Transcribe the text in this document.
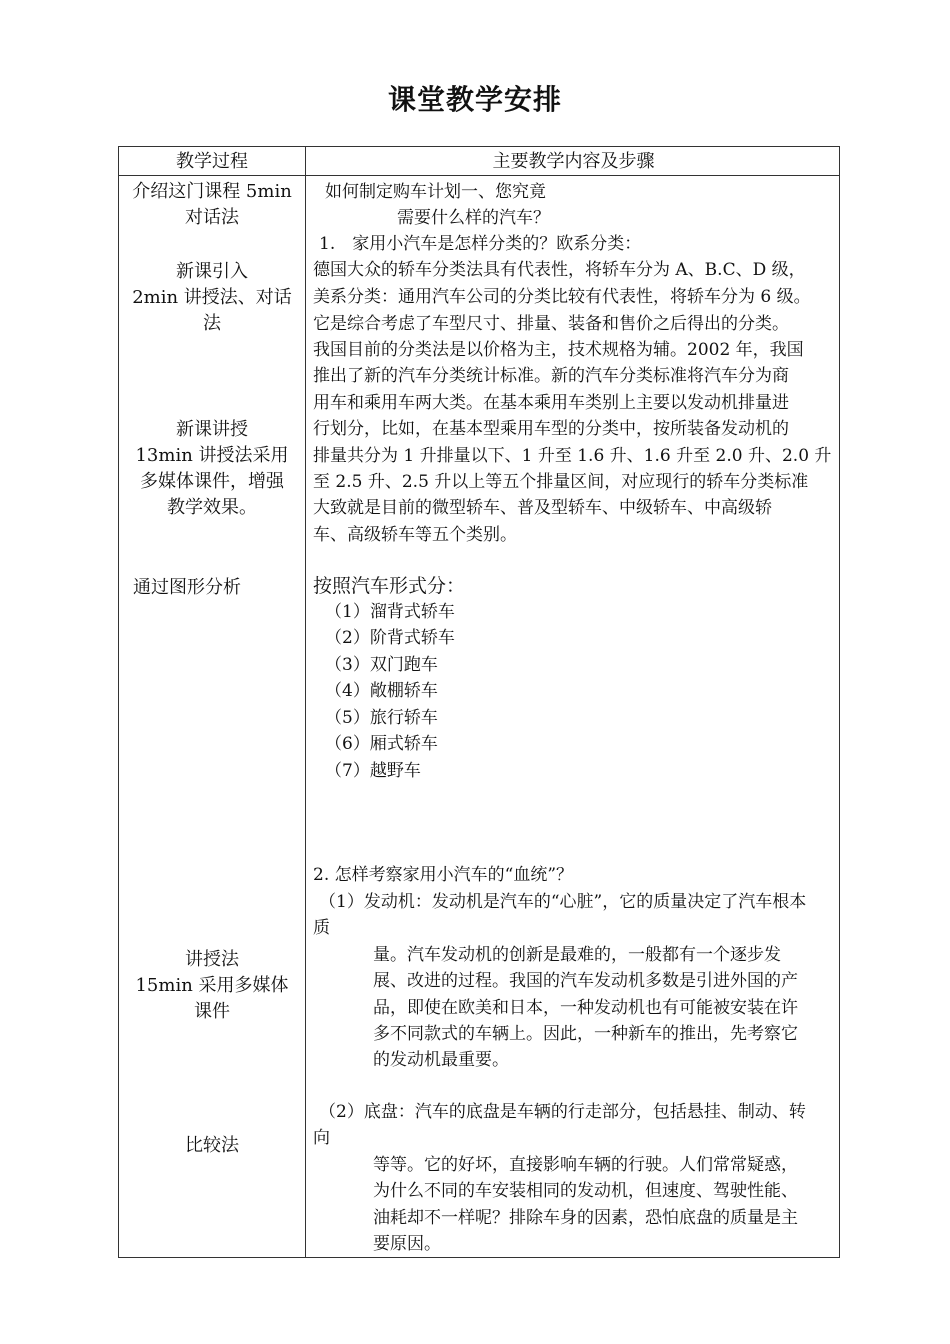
课堂教学安排
教学过程	主要教学内容及步骤
介绍这门课程 5min
对话法
新课引入
2min 讲授法、对话
法
新课讲授
13min 讲授法采用
多媒体课件，增强
教学效果。
通过图形分析
讲授法
15min 采用多媒体
课件
比较法
如何制定购车计划一、您究竟
需要什么样的汽车？
1.　家用小汽车是怎样分类的？欧系分类：
德国大众的轿车分类法具有代表性，将轿车分为 A、B.C、D 级，
美系分类：通用汽车公司的分类比较有代表性，将轿车分为 6 级。
它是综合考虑了车型尺寸、排量、装备和售价之后得出的分类。
我国目前的分类法是以价格为主，技术规格为辅。2002 年，我国
推出了新的汽车分类统计标准。新的汽车分类标准将汽车分为商
用车和乘用车两大类。在基本乘用车类别上主要以发动机排量进
行划分，比如，在基本型乘用车型的分类中，按所装备发动机的
排量共分为 1 升排量以下、1 升至 1.6 升、1.6 升至 2.0 升、2.0 升
至 2.5 升、2.5 升以上等五个排量区间，对应现行的轿车分类标准
大致就是目前的微型轿车、普及型轿车、中级轿车、中高级轿
车、高级轿车等五个类别。
按照汽车形式分：
（1）溜背式轿车
（2）阶背式轿车
（3）双门跑车
（4）敞棚轿车
（5）旅行轿车
（6）厢式轿车
（7）越野车
2. 怎样考察家用小汽车的“血统”？
（1）发动机：发动机是汽车的“心脏”，它的质量决定了汽车根本
质
量。汽车发动机的创新是最难的，一般都有一个逐步发
展、改进的过程。我国的汽车发动机多数是引进外国的产
品，即使在欧美和日本，一种发动机也有可能被安装在许
多不同款式的车辆上。因此，一种新车的推出，先考察它
的发动机最重要。
（2）底盘：汽车的底盘是车辆的行走部分，包括悬挂、制动、转
向
等等。它的好坏，直接影响车辆的行驶。人们常常疑惑，
为什么不同的车安装相同的发动机，但速度、驾驶性能、
油耗却不一样呢？排除车身的因素，恐怕底盘的质量是主
要原因。
